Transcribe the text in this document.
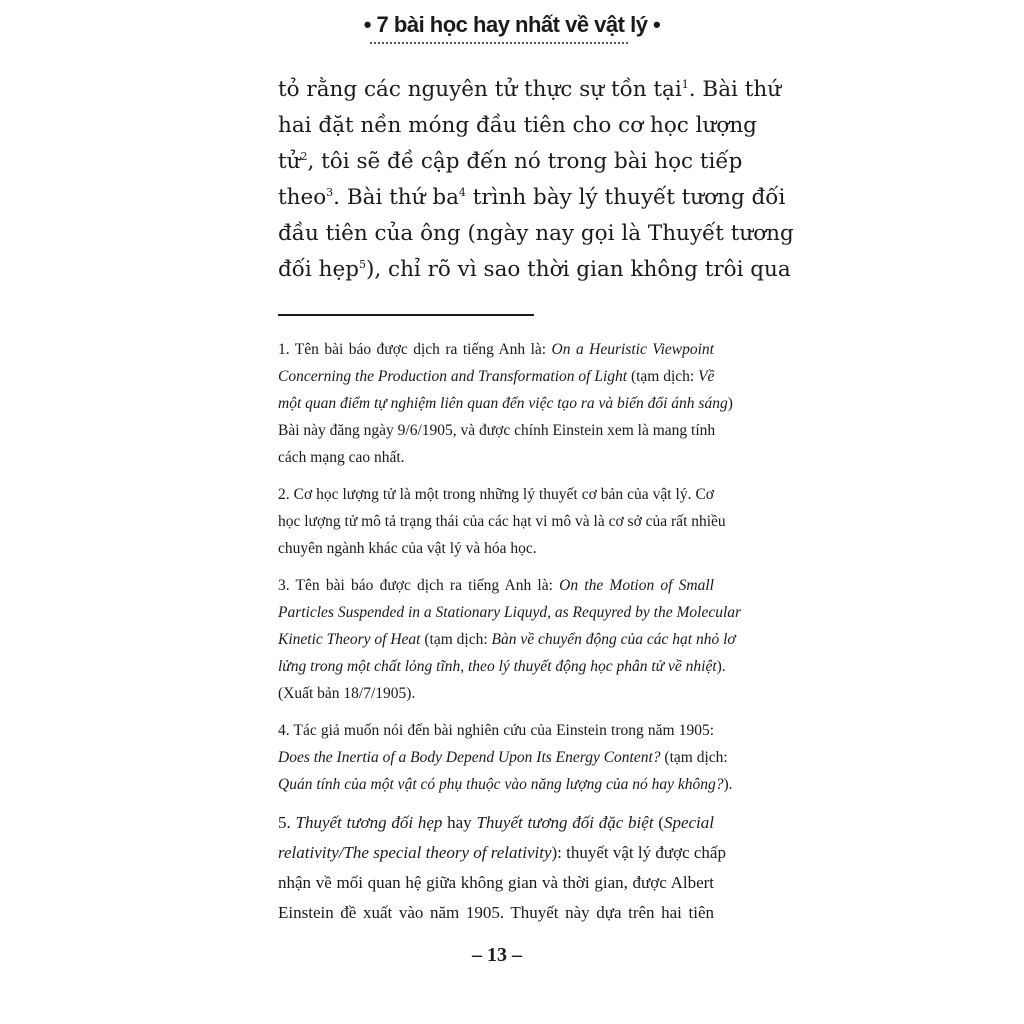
• 7 bài học hay nhất về vật lý •
tỏ rằng các nguyên tử thực sự tồn tại$^1$. Bài thứ
hai đặt nền móng đầu tiên cho cơ học lượng
tử$^2$, tôi sẽ đề cập đến nó trong bài học tiếp
theo$^3$. Bài thứ $ba^4$ trình bày lý thuyết tương đối
đầu tiên của ông (ngày nay gọi là Thuyết tương
đối hẹp$^5$), chỉ rõ vì sao thời gian không trôi qua
1. Tên bài báo được dịch ra tiếng Anh là: On a Heuristic Viewpoint
Concerning the Production and Transformation of Light (tạm dịch: Về
một quan điểm tự nghiệm liên quan đến việc tạo ra và biến đổi ánh sáng)
Bài này đăng ngày 9/6/1905, và được chính Einstein xem là mang tính
cách mạng cao nhất.
2. Cơ học lượng tử là một trong những lý thuyết cơ bản của vật lý. Cơ
học lượng tử mô tả trạng thái của các hạt vi mô và là cơ sở của rất nhiều
chuyên ngành khác của vật lý và hóa học.
3. Tên bài báo được dịch ra tiếng Anh là: On the Motion of Small
Particles Suspended in a Stationary Liquyd, as Requyred by the Molecular
Kinetic Theory of Heat (tạm dịch: Bàn về chuyển động của các hạt nhỏ lơ
lửng trong một chất lỏng tĩnh, theo lý thuyết động học phân tử về nhiệt).
(Xuất bản 18/7/1905).
4. Tác giả muốn nói đến bài nghiên cứu của Einstein trong năm 1905:
Does the Inertia of a Body Depend Upon Its Energy Content? (tạm dịch:
Quán tính của một vật có phụ thuộc vào năng lượng của nó hay không?).
5. Thuyết tương đối hẹp hay Thuyết tương đối đặc biệt (Special
relativity/The special theory of relativity): thuyết vật lý được chấp
nhận về mối quan hệ giữa không gian và thời gian, được Albert
Einstein đề xuất vào năm 1905. Thuyết này dựa trên hai tiên
– 13 –
